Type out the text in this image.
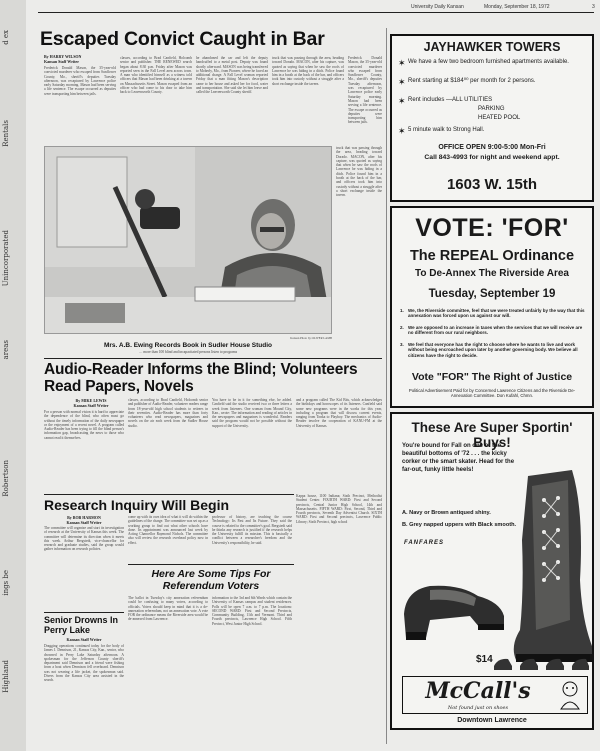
d ex
Rentals
Unincorporated
areas
Robertson
ings be
Highland
University Daily Kansan	Monday, September 18, 1972	3
Escaped Convict Caught in Bar
By HARRY WILSON
Kansan Staff Writer
Frederick Donald Mason, the 35-year-old convicted murderer who escaped from Sunflower County, Mo., sheriff's deputies Tuesday afternoon, was recaptured by Lawrence police early Saturday morning. Mason had been serving a life sentence. The escape occurred as deputies were transporting him between jails.
classes, according to Brad Canfield, Holcomb senior and publisher. THE RENEWED search began about 8:30 p.m. Friday after Mason was reported seen in the Fall Level area across town. A man who identified himself as a witness told officers that Mason had been drinking at a tavern on Massachusetts Street. Mason escaped from an officer who had come to his door to take him back to Leavenworth County.
he abandoned the car and left the deputy handcuffed to a metal post. Deputy was found shortly afterward. MASON was being transferred to Moberly, Mo., from Pioneer, where he faced an additional charge. A Fall Level woman reported Friday that a man fitting Mason's description came to her house and asked her for food, water and transportation. She said she let him leave and called the Leavenworth County sheriff.
truck that was passing through the area, heading toward Dorado. MACON, after his capture, was quoted as saying that when he saw the roofs of Lawrence he was hiding in a ditch. Police found him in a booth at the back of the bar, and officers took him into custody without a struggle after a short exchange inside the tavern.
Frederick Donald Mason, the 35-year-old convicted murderer who escaped from Sunflower County, Mo., sheriff's deputies Tuesday afternoon, was recaptured by Lawrence police early Saturday morning. Mason had been serving a life sentence. The escape occurred as deputies were transporting him between jails.
Kansan Photo by OLIVER LAMB
Mrs. A.B. Ewing Records Book in Sudler House Studio
… more than 100 blind and incapacitated persons listen to programs
truck that was passing through the area, heading toward Dorado. MACON, after his capture, was quoted as saying that when he saw the roofs of Lawrence he was hiding in a ditch. Police found him in a booth at the back of the bar, and officers took him into custody without a struggle after a short exchange inside the tavern.
Audio-Reader Informs the Blind; Volunteers Read Papers, Novels
By MIKE LEWIS
Kansan Staff Writer
For a person with normal vision it is hard to appreciate the dependence of the blind, who often must go without the timely information of the daily newspaper or the enjoyment of a recent novel. A program called Audio-Reader has been trying to fill the blind person's information gap, broadcasting the news to those who cannot read it themselves.
classes, according to Brad Canfield, Holcomb senior and publisher of Audio-Reader, volunteer readers range from 18-year-old high school students to retirees in their seventies. Audio-Reader has more than forty volunteers who read newspapers, magazines and novels on the air each week from the Sudler House studio.
You have to be in it for something else, he added. Canfield said the studio received two or three letters a week from listeners. One woman from Mound City, Kan., wrote: The information and reading of articles in the newspapers and magazines is wonderful. Readers said the program would not be possible without the support of the University.
and a program called The Kid Bits, which acknowledges the birthdays and horoscopes of its listeners. Canfield said some new programs were in the works for this year, including a program that will discuss current events, ranging from Tonka to Playboy. The mechanics of Audio-Reader involve the cooperation of KANU-FM at the University of Kansas.
Research Inquiry Will Begin
By BOB HARMON
Kansan Staff Writer
The committee will organize and start its investigation of research at the University of Kansas this week. The committee will determine its direction when it meets this week. Arthur Bergstedt, vice-chancellor for research and graduate studies, said the group would gather information on research policies.
come up with its own idea of what it will do within the guidelines of the charge. The committee was set up as a working group to find out what other schools have done. Its appointment was announced last week by Acting Chancellor Raymond Nichols. The committee also will review the research overhead policy now in effect.
professor of history, are teaching the course Technology: Its Past and Its Future. They said the course is related to the committee's goal. Bergstedt said he thinks any research is justified if the research helps the University fulfill its mission. This is basically a conflict between a researcher's freedom and the University's responsibility, he said.
Senior Drowns In Perry Lake
Kansan Staff Writer
Dragging operations continued today for the body of James J. Dennison, 21, Kansas City, Kan., senior, who drowned in Perry Lake Saturday afternoon. A spokesman for the Jefferson County sheriff's department said Dennison and a friend were fishing from a boat when Dennison fell overboard. Dennison was not wearing a life jacket, the spokesman said. Divers from the Kansas City area assisted in the search.
Here Are Some Tips For Referendum Voters
The ballot in Tuesday's city annexation referendum could be confusing to many voters, according to officials. Voters should keep in mind that it is a de-annexation referendum, not an annexation vote. A vote FOR the ordinance means the Riverside area would be de-annexed from Lawrence.
information to the 3rd and 6th Wards which contain the University of Kansas campus and student residences. Polls will be open 7 a.m. to 7 p.m. The locations: SECOND WARD: First and Second Precincts, Community Building, 11th and Vermont. Third and Fourth precincts, Lawrence High School. Fifth Precinct, West Junior High School.
Kappa house, 1100 Indiana; Sixth Precinct, Methodist Student Center. FOURTH WARD: First and Second precincts, Central Junior High School, 14th and Massachusetts. FIFTH WARD: First, Second, Third and Fourth precincts, Seventh Day Adventist Church. SIXTH WARD: First and Second precincts, Lawrence Public Library; Sixth Precinct, high school
JAYHAWKER TOWERS
✶ We have a few two bedroom furnished apartments available.
✶ Rent starting at $184⁰⁰ per month for 2 persons.
✶ Rent includes —ALL UTILITIES
PARKING
HEATED POOL
✶ 5 minute walk to Strong Hall.
OFFICE OPEN 9:00-5:00 Mon-Fri
Call 843-4993 for night and weekend appt.
1603 W. 15th
VOTE: 'FOR'
The REPEAL Ordinance
To De-Annex The Riverside Area
Tuesday, September 19
1. We, the Riverside committee, feel that we were treated unfairly by the way that this annexation was forced upon us against our will.
2. We are opposed to an increase in taxes when the services that we will receive are no different from our rural neighbors.
3. We feel that everyone has the right to choose where he wants to live and work without being encroached upon later by another governing body. We believe all citizens have the right to decide.
Vote "FOR" The Right of Justice
Political Advertisement Paid for by Concerned Lawrence Citizens and the Riverside De-Annexation Committee. Don Kufahl, Chmn.
These Are Super Sportin' Buys!
You're bound for Fall on one of the beautiful bottoms of '72 . . . the kicky corker or the smart skater. Head for the far-out, funky little heels!
A. Navy or Brown antiqued shiny.
B. Grey napped uppers with Black smooth.
FANFARES
$14
McCall's
Not found just on shoes
Downtown Lawrence
